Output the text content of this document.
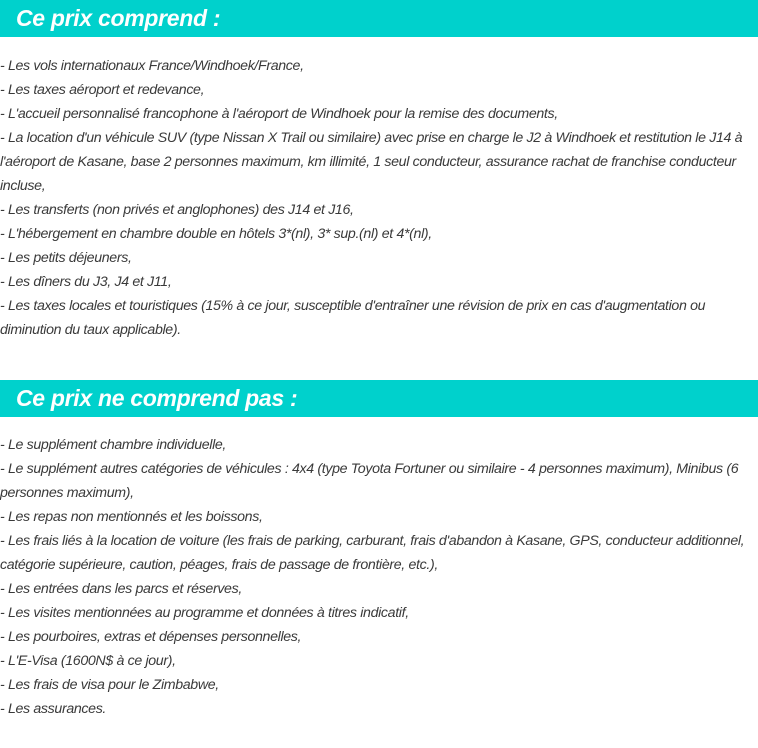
Ce prix comprend :
- Les vols internationaux France/Windhoek/France,
- Les taxes aéroport et redevance,
- L'accueil personnalisé francophone à l'aéroport de Windhoek pour la remise des documents,
- La location d'un véhicule SUV (type Nissan X Trail ou similaire) avec prise en charge le J2 à Windhoek et restitution le J14 à l'aéroport de Kasane, base 2 personnes maximum, km illimité, 1 seul conducteur, assurance rachat de franchise conducteur incluse,
- Les transferts (non privés et anglophones) des J14 et J16,
- L'hébergement en chambre double en hôtels 3*(nl), 3* sup.(nl) et 4*(nl),
- Les petits déjeuners,
- Les dîners du J3, J4 et J11,
- Les taxes locales et touristiques (15% à ce jour, susceptible d'entraîner une révision de prix en cas d'augmentation ou diminution du taux applicable).
Ce prix ne comprend pas :
- Le supplément chambre individuelle,
- Le supplément autres catégories de véhicules : 4x4 (type Toyota Fortuner ou similaire - 4 personnes maximum), Minibus (6 personnes maximum),
- Les repas non mentionnés et les boissons,
- Les frais liés à la location de voiture (les frais de parking, carburant, frais d'abandon à Kasane, GPS, conducteur additionnel, catégorie supérieure, caution, péages, frais de passage de frontière, etc.),
- Les entrées dans les parcs et réserves,
- Les visites mentionnées au programme et données à titres indicatif,
- Les pourboires, extras et dépenses personnelles,
- L'E-Visa (1600N$ à ce jour),
- Les frais de visa pour le Zimbabwe,
- Les assurances.
